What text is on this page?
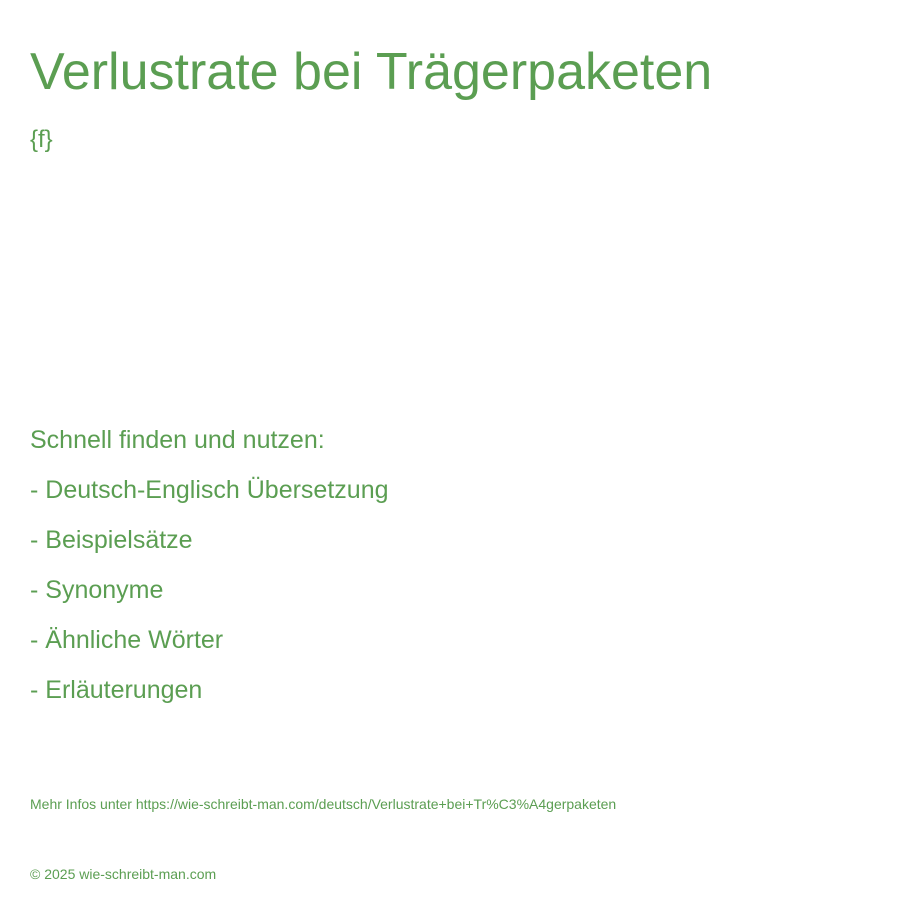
Verlustrate bei Trägerpaketen
{f}
Schnell finden und nutzen:
- Deutsch-Englisch Übersetzung
- Beispielsätze
- Synonyme
- Ähnliche Wörter
- Erläuterungen
Mehr Infos unter https://wie-schreibt-man.com/deutsch/Verlustrate+bei+Tr%C3%A4gerpaketen
© 2025 wie-schreibt-man.com
